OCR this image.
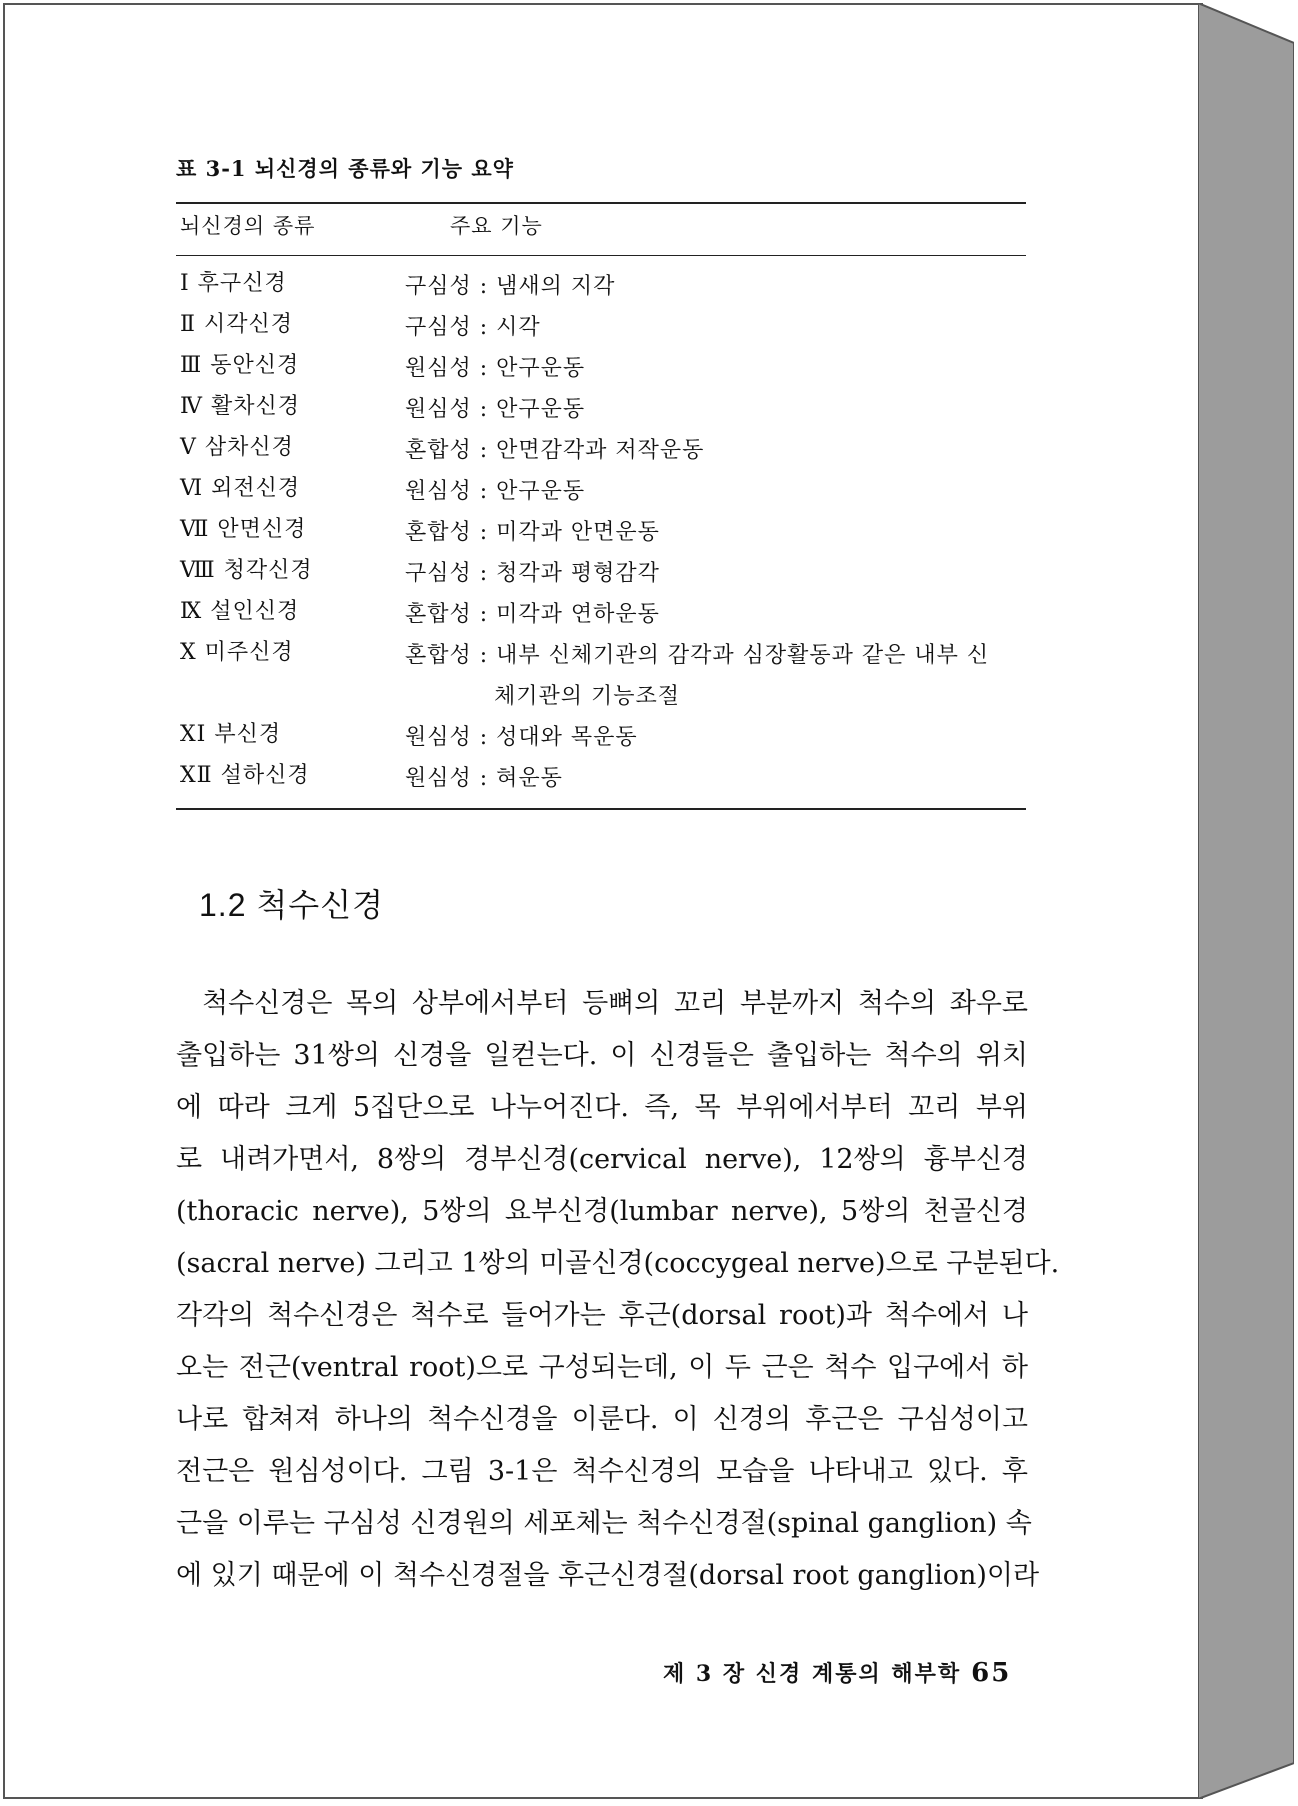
표 3-1 뇌신경의 종류와 기능 요약
뇌신경의 종류	주요 기능
Ⅰ 후구신경	구심성 : 냄새의 지각
Ⅱ 시각신경	구심성 : 시각
Ⅲ 동안신경	원심성 : 안구운동
Ⅳ 활차신경	원심성 : 안구운동
Ⅴ 삼차신경	혼합성 : 안면감각과 저작운동
Ⅵ 외전신경	원심성 : 안구운동
Ⅶ 안면신경	혼합성 : 미각과 안면운동
Ⅷ 청각신경	구심성 : 청각과 평형감각
Ⅸ 설인신경	혼합성 : 미각과 연하운동
Ⅹ 미주신경	혼합성 : 내부 신체기관의 감각과 심장활동과 같은 내부 신
체기관의 기능조절
XⅠ 부신경	원심성 : 성대와 목운동
XⅡ 설하신경	원심성 : 혀운동
1.2 척수신경
척수신경은 목의 상부에서부터 등뼈의 꼬리 부분까지 척수의 좌우로
출입하는 31쌍의 신경을 일컫는다. 이 신경들은 출입하는 척수의 위치
에 따라 크게 5집단으로 나누어진다. 즉, 목 부위에서부터 꼬리 부위
로 내려가면서, 8쌍의 경부신경(cervical nerve), 12쌍의 흉부신경
(thoracic nerve), 5쌍의 요부신경(lumbar nerve), 5쌍의 천골신경
(sacral nerve) 그리고 1쌍의 미골신경(coccygeal nerve)으로 구분된다.
각각의 척수신경은 척수로 들어가는 후근(dorsal root)과 척수에서 나
오는 전근(ventral root)으로 구성되는데, 이 두 근은 척수 입구에서 하
나로 합쳐져 하나의 척수신경을 이룬다. 이 신경의 후근은 구심성이고
전근은 원심성이다. 그림 3-1은 척수신경의 모습을 나타내고 있다. 후
근을 이루는 구심성 신경원의 세포체는 척수신경절(spinal ganglion) 속
에 있기 때문에 이 척수신경절을 후근신경절(dorsal root ganglion)이라
제 3 장 신경 계통의 해부학 65
